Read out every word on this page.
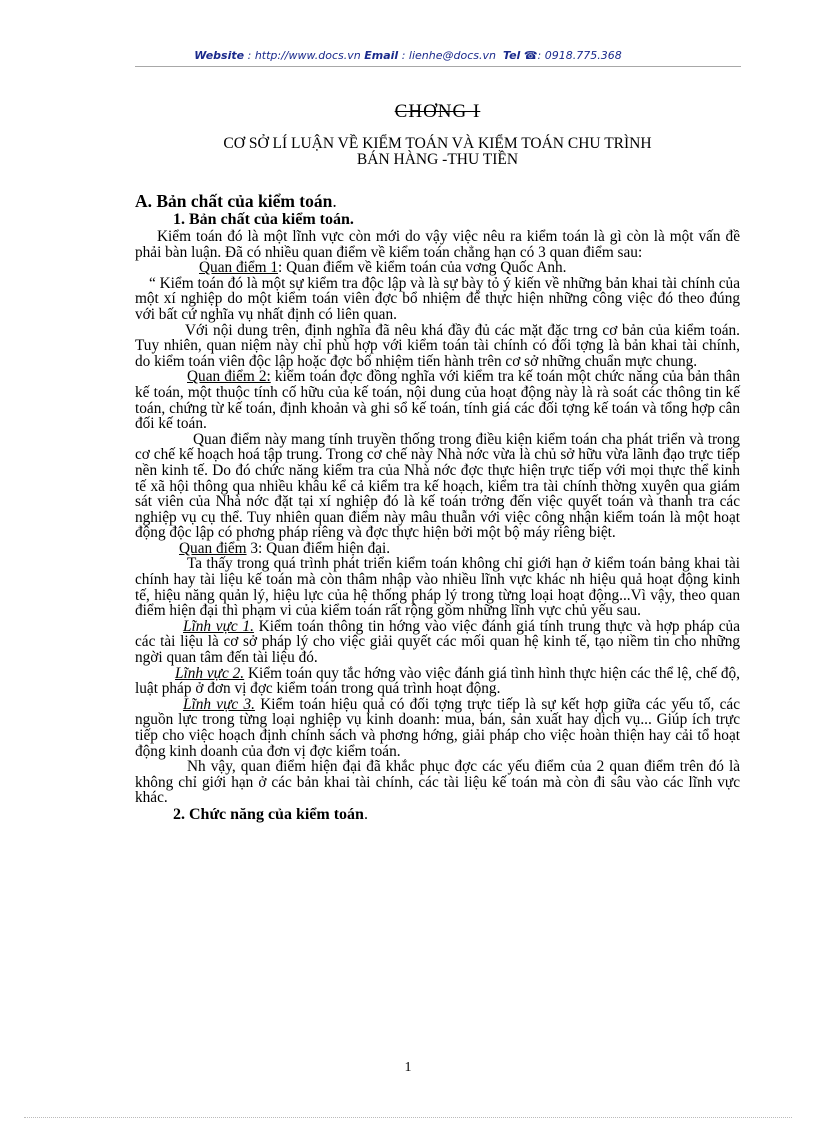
Website : http://www.docs.vn Email : lienhe@docs.vn Tel ☎: 0918.775.368
CHƠNG I
CƠ SỞ LÍ LUẬN VỀ KIỂM TOÁN VÀ KIỂM TOÁN CHU TRÌNH
BÁN HÀNG -THU TIỀN
A. Bản chất của kiểm toán.
1. Bản chất của kiểm toán.

Kiểm toán đó là một lĩnh vực còn mới do vậy việc nêu ra kiểm toán là gì còn là một vấn đề phải bàn luận. Đã có nhiều quan điểm về kiểm toán chẳng hạn có 3 quan điểm sau:

Quan điểm 1: Quan điểm về kiểm toán của vơng Quốc Anh.

“ Kiểm toán đó là một sự kiểm tra độc lập và là sự bày tỏ ý kiến về những bản khai tài chính của một xí nghiệp do một kiểm toán viên đợc bổ nhiệm để thực hiện những công việc đó theo đúng với bất cứ nghĩa vụ nhất định có liên quan.

Với nội dung trên, định nghĩa đã nêu khá đầy đủ các mặt đặc trng cơ bản của kiểm toán. Tuy nhiên, quan niệm này chỉ phù hợp với kiểm toán tài chính có đối tợng là bản khai tài chính, do kiểm toán viên độc lập hoặc đợc bổ nhiệm tiến hành trên cơ sở những chuẩn mực chung.

Quan điểm 2: kiểm toán đợc đồng nghĩa với kiểm tra kế toán một chức năng của bản thân kế toán, một thuộc tính cố hữu của kế toán, nội dung của hoạt động này là rà soát các thông tin kế toán, chứng từ kế toán, định khoản và ghi sổ kế toán, tính giá các đối tợng kế toán và tổng hợp cân đối kế toán.

Quan điểm này mang tính truyền thống trong điều kiện kiểm toán cha phát triển và trong cơ chế kế hoạch hoá tập trung. Trong cơ chế này Nhà nớc vừa là chủ sở hữu vừa lãnh đạo trực tiếp nền kinh tế. Do đó chức năng kiểm tra của Nhà nớc đợc thực hiện trực tiếp với mọi thực thể kinh tế xã hội thông qua nhiều khâu kể cả kiểm tra kế hoạch, kiểm tra tài chính thờng xuyên qua giám sát viên của Nhà nớc đặt tại xí nghiệp đó là kế toán trởng đến việc quyết toán và thanh tra các nghiệp vụ cụ thể. Tuy nhiên quan điểm này mâu thuẫn với việc công nhận kiểm toán là một hoạt động độc lập có phơng pháp riêng và đợc thực hiện bởi một bộ máy riêng biệt.

Quan điểm 3: Quan điểm hiện đại.

Ta thấy trong quá trình phát triển kiểm toán không chỉ giới hạn ở kiểm toán bảng khai tài chính hay tài liệu kế toán mà còn thâm nhập vào nhiều lĩnh vực khác nh hiệu quả hoạt động kinh tế, hiệu năng quản lý, hiệu lực của hệ thống pháp lý trong từng loại hoạt động...Vì vậy, theo quan điểm hiện đại thì phạm vi của kiểm toán rất rộng gồm những lĩnh vực chủ yếu sau.

Lĩnh vực 1. Kiểm toán thông tin hớng vào việc đánh giá tính trung thực và hợp pháp của các tài liệu là cơ sở pháp lý cho việc giải quyết các mối quan hệ kinh tế, tạo niềm tin cho những ngời quan tâm đến tài liệu đó.

Lĩnh vực 2. Kiểm toán quy tắc hớng vào việc đánh giá tình hình thực hiện các thể lệ, chế độ, luật pháp ở đơn vị đợc kiểm toán trong quá trình hoạt động.

Lĩnh vực 3. Kiểm toán hiệu quả có đối tợng trực tiếp là sự kết hợp giữa các yếu tố, các nguồn lực trong từng loại nghiệp vụ kinh doanh: mua, bán, sản xuất hay dịch vụ... Giúp ích trực tiếp cho việc hoạch định chính sách và phơng hớng, giải pháp cho việc hoàn thiện hay cải tổ hoạt động kinh doanh của đơn vị đợc kiểm toán.

Nh vậy, quan điểm hiện đại đã khắc phục đợc các yếu điểm của 2 quan điểm trên đó là không chỉ giới hạn ở các bản khai tài chính, các tài liệu kế toán mà còn đi sâu vào các lĩnh vực khác.

2. Chức năng của kiểm toán.
1
